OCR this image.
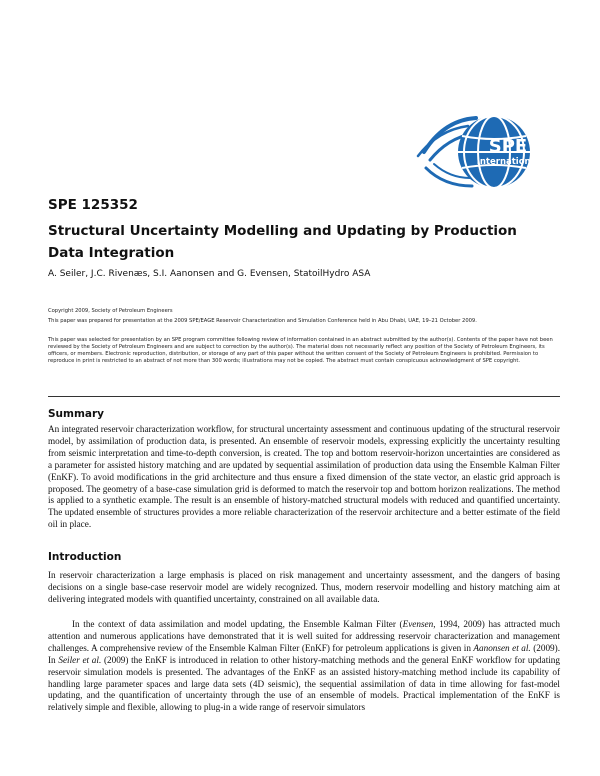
SPE
International
SPE 125352
Structural Uncertainty Modelling and Updating by Production Data Integration
A. Seiler, J.C. Rivenæs, S.I. Aanonsen and G. Evensen, StatoilHydro ASA
Copyright 2009, Society of Petroleum Engineers
This paper was prepared for presentation at the 2009 SPE/EAGE Reservoir Characterization and Simulation Conference held in Abu Dhabi, UAE, 19–21 October 2009.
This paper was selected for presentation by an SPE program committee following review of information contained in an abstract submitted by the author(s). Contents of the paper have not been reviewed by the Society of Petroleum Engineers and are subject to correction by the author(s). The material does not necessarily reflect any position of the Society of Petroleum Engineers, its officers, or members. Electronic reproduction, distribution, or storage of any part of this paper without the written consent of the Society of Petroleum Engineers is prohibited. Permission to reproduce in print is restricted to an abstract of not more than 300 words; illustrations may not be copied. The abstract must contain conspicuous acknowledgment of SPE copyright.
Summary
An integrated reservoir characterization workflow, for structural uncertainty assessment and continuous updating of the structural reservoir model, by assimilation of production data, is presented. An ensemble of reservoir models, expressing explicitly the uncertainty resulting from seismic interpretation and time-to-depth conversion, is created. The top and bottom reservoir-horizon uncertainties are considered as a parameter for assisted history matching and are updated by sequential assimilation of production data using the Ensemble Kalman Filter (EnKF). To avoid modifications in the grid architecture and thus ensure a fixed dimension of the state vector, an elastic grid approach is proposed. The geometry of a base-case simulation grid is deformed to match the reservoir top and bottom horizon realizations. The method is applied to a synthetic example. The result is an ensemble of history-matched structural models with reduced and quantified uncertainty. The updated ensemble of structures provides a more reliable characterization of the reservoir architecture and a better estimate of the field oil in place.
Introduction
In reservoir characterization a large emphasis is placed on risk management and uncertainty assessment, and the dangers of basing decisions on a single base-case reservoir model are widely recognized. Thus, modern reservoir modelling and history matching aim at delivering integrated models with quantified uncertainty, constrained on all available data.
In the context of data assimilation and model updating, the Ensemble Kalman Filter (Evensen, 1994, 2009) has attracted much attention and numerous applications have demonstrated that it is well suited for addressing reservoir characterization and management challenges. A comprehensive review of the Ensemble Kalman Filter (EnKF) for petroleum applications is given in Aanonsen et al. (2009). In Seiler et al. (2009) the EnKF is introduced in relation to other history-matching methods and the general EnKF workflow for updating reservoir simulation models is presented. The advantages of the EnKF as an assisted history-matching method include its capability of handling large parameter spaces and large data sets (4D seismic), the sequential assimilation of data in time allowing for fast-model updating, and the quantification of uncertainty through the use of an ensemble of models. Practical implementation of the EnKF is relatively simple and flexible, allowing to plug-in a wide range of reservoir simulators
